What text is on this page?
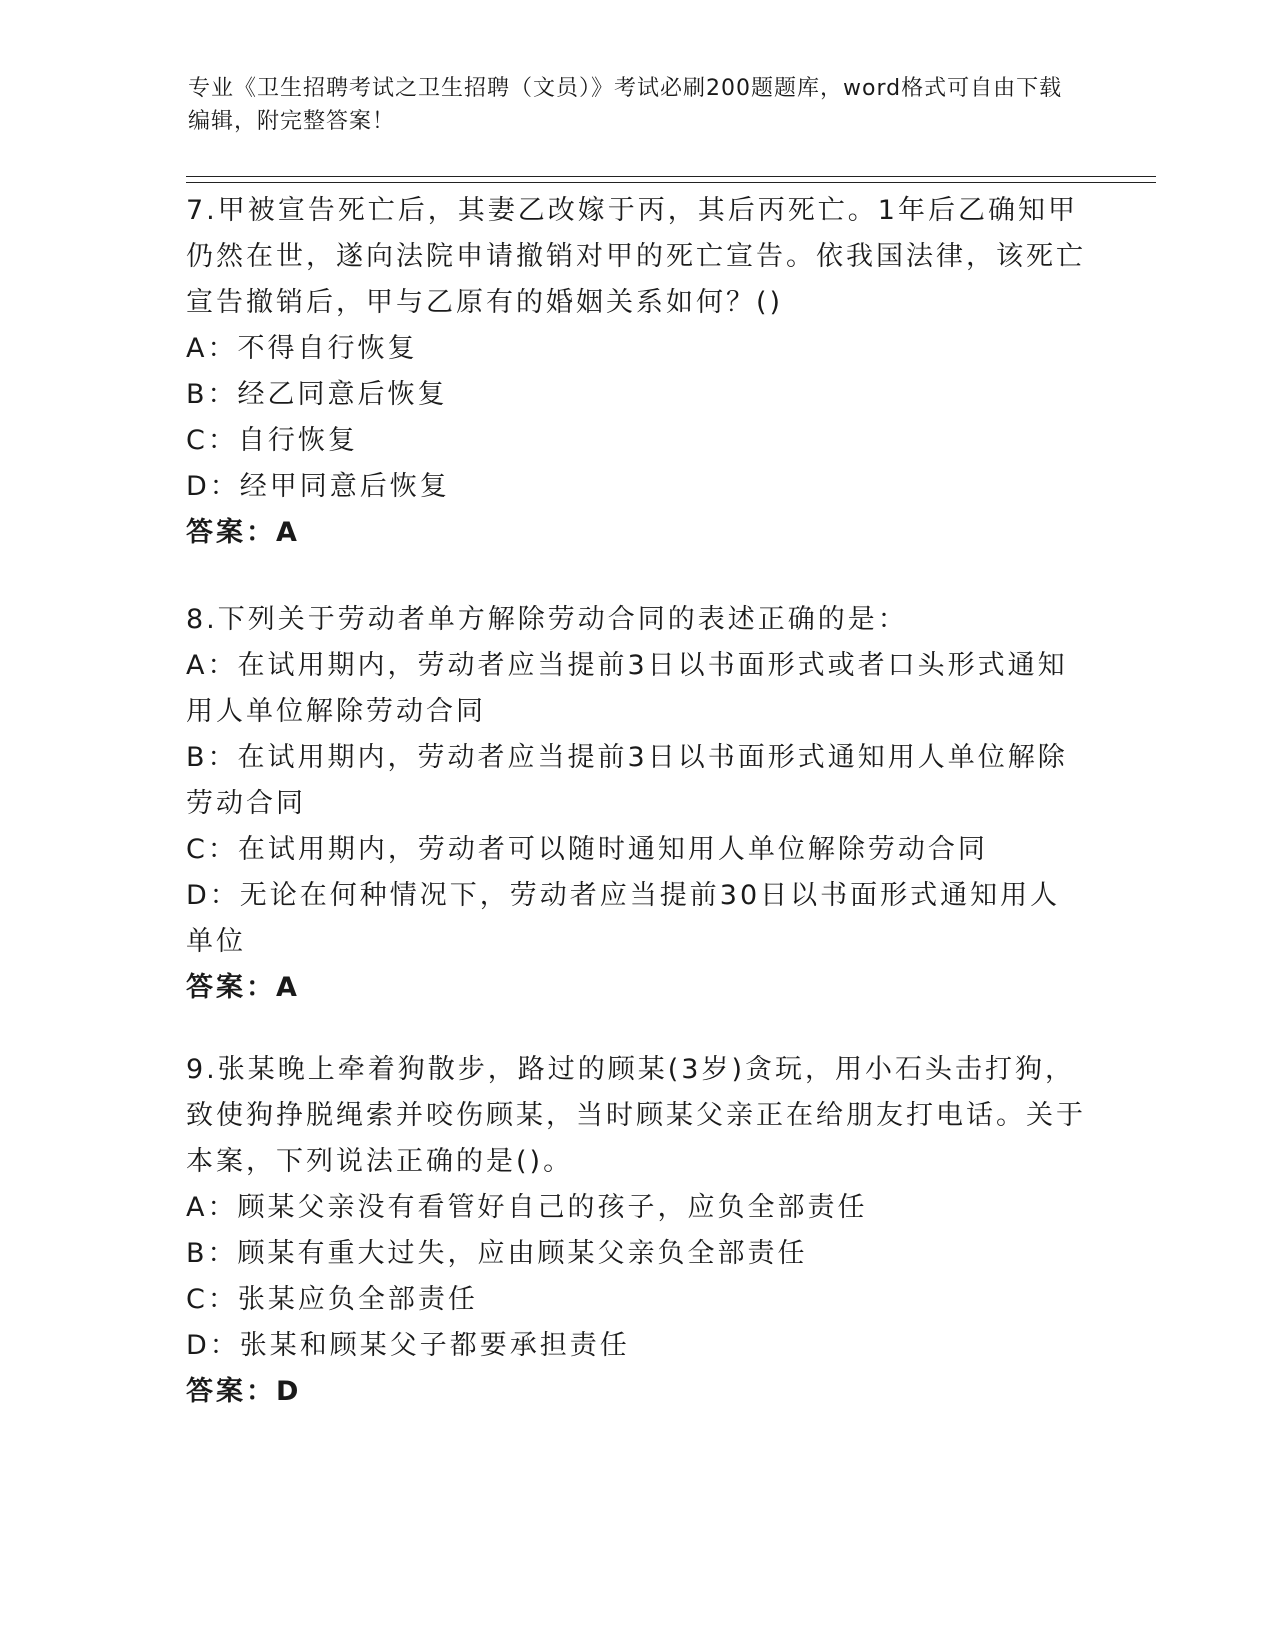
专业《卫生招聘考试之卫生招聘（文员）》考试必刷200题题库，word格式可自由下载编辑，附完整答案！
7.甲被宣告死亡后，其妻乙改嫁于丙，其后丙死亡。1年后乙确知甲仍然在世，遂向法院申请撤销对甲的死亡宣告。依我国法律，该死亡宣告撤销后，甲与乙原有的婚姻关系如何？()
A：不得自行恢复
B：经乙同意后恢复
C：自行恢复
D：经甲同意后恢复
答案：A
8.下列关于劳动者单方解除劳动合同的表述正确的是：
A：在试用期内，劳动者应当提前3日以书面形式或者口头形式通知用人单位解除劳动合同
B：在试用期内，劳动者应当提前3日以书面形式通知用人单位解除劳动合同
C：在试用期内，劳动者可以随时通知用人单位解除劳动合同
D：无论在何种情况下，劳动者应当提前30日以书面形式通知用人单位
答案：A
9.张某晚上牵着狗散步，路过的顾某(3岁)贪玩，用小石头击打狗，致使狗挣脱绳索并咬伤顾某，当时顾某父亲正在给朋友打电话。关于本案，下列说法正确的是()。
A：顾某父亲没有看管好自己的孩子，应负全部责任
B：顾某有重大过失，应由顾某父亲负全部责任
C：张某应负全部责任
D：张某和顾某父子都要承担责任
答案：D
